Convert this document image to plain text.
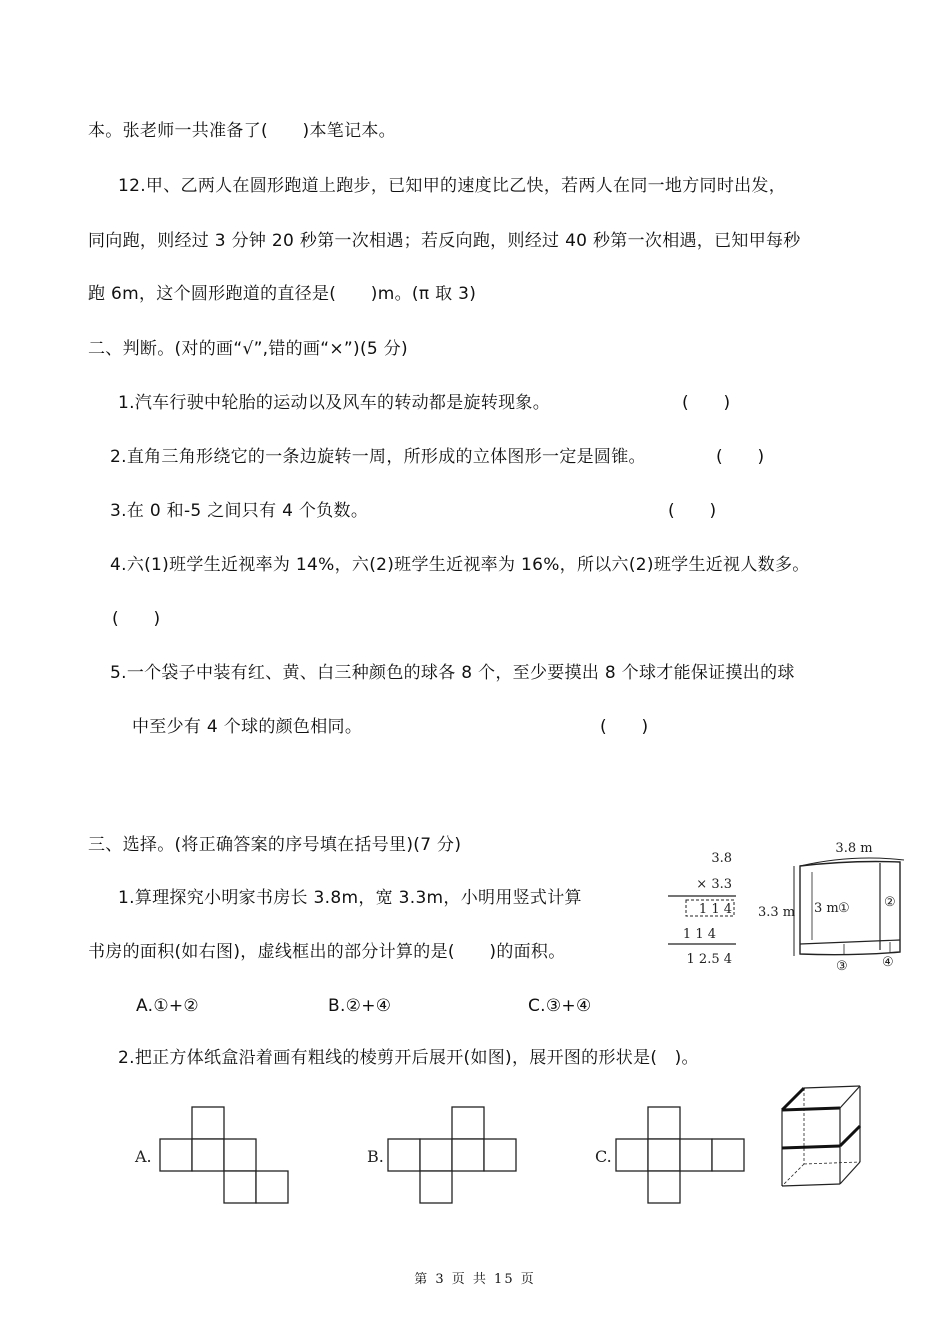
本。张老师一共准备了(　　)本笔记本。
12.甲、乙两人在圆形跑道上跑步，已知甲的速度比乙快，若两人在同一地方同时出发，
同向跑，则经过 3 分钟 20 秒第一次相遇；若反向跑，则经过 40 秒第一次相遇，已知甲每秒
跑 6m，这个圆形跑道的直径是(　　)m。(π 取 3)
二、判断。(对的画“√”,错的画“×”)(5 分)
1.汽车行驶中轮胎的运动以及风车的转动都是旋转现象。	(　　)
2.直角三角形绕它的一条边旋转一周，所形成的立体图形一定是圆锥。	(　　)
3.在 0 和-5 之间只有 4 个负数。	(　　)
4.六(1)班学生近视率为 14%，六(2)班学生近视率为 16%，所以六(2)班学生近视人数多。
(　　)
5.一个袋子中装有红、黄、白三种颜色的球各 8 个，至少要摸出 8 个球才能保证摸出的球
中至少有 4 个球的颜色相同。	(　　)
三、选择。(将正确答案的序号填在括号里)(7 分)
1.算理探究小明家书房长 3.8m，宽 3.3m，小明用竖式计算
书房的面积(如右图)，虚线框出的部分计算的是(　　)的面积。
A.①+②	B.②+④	C.③+④
3.8
× 3.3
1 1 4
1 1 4
1 2.5 4
3.8 m
3.3 m 3 m ①	②
③	④
2.把正方体纸盒沿着画有粗线的棱剪开后展开(如图)，展开图的形状是(　)。
A.	B.	C.
第 3 页 共 15 页
